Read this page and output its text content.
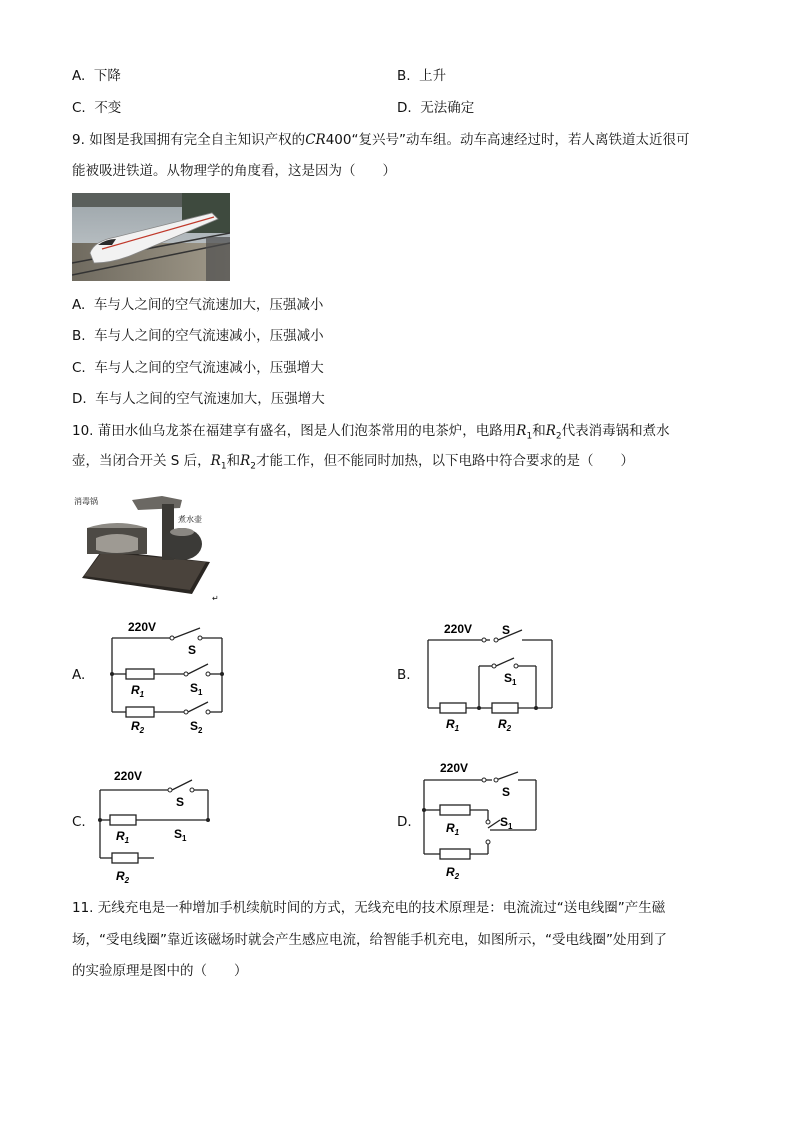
A. 下降	B. 上升
C. 不变	D. 无法确定
9. 如图是我国拥有完全自主知识产权的CR400“复兴号”动车组。动车高速经过时，若人离铁道太近很可
能被吸进铁道。从物理学的角度看，这是因为（　　）
A. 车与人之间的空气流速加大，压强减小
B. 车与人之间的空气流速减小，压强减小
C. 车与人之间的空气流速减小，压强增大
D. 车与人之间的空气流速加大，压强增大
10. 莆田水仙乌龙茶在福建享有盛名，图是人们泡茶常用的电茶炉，电路用$R_1$和$R_2$代表消毒锅和煮水
壶，当闭合开关 S 后，$R_1$和$R_2$才能工作，但不能同时加热，以下电路中符合要求的是（　　）
消毒锅
煮水壶
↵
A.	B.
C.	D.
220V
S
$R_1$	$S_1$
$R_2$	$S_2$
220V S
$S_1$
$R_1$	$R_2$
220V
S
$R_1$	$S_1$
$R_2$
220V
S
$R_1$
$S_1$
$R_2$
11. 无线充电是一种增加手机续航时间的方式，无线充电的技术原理是：电流流过“送电线圈”产生磁
场，“受电线圈”靠近该磁场时就会产生感应电流，给智能手机充电，如图所示，“受电线圈”处用到了
的实验原理是图中的（　　）
